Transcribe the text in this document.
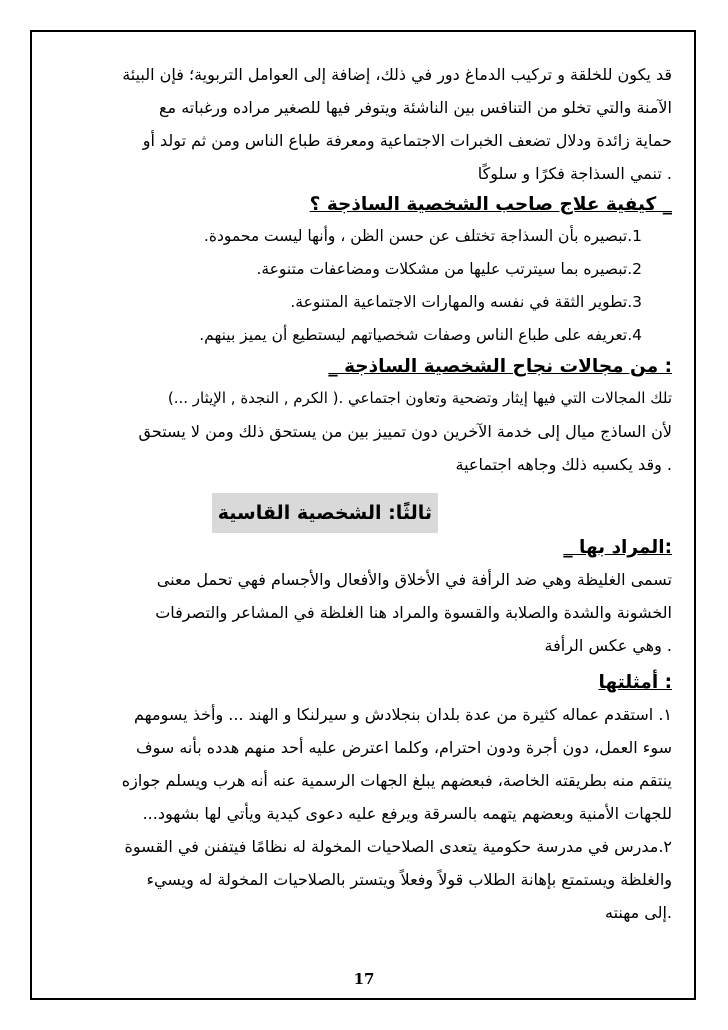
قد يكون للخلقة و تركيب الدماغ دور في ذلك، إضافة إلى العوامل التربوية؛ فإن البيئة

الآمنة والتي تخلو من التنافس بين الناشئة ويتوفر فيها للصغير مراده ورغباته مع

حماية زائدة ودلال تضعف الخبرات الاجتماعية ومعرفة طباع الناس ومن ثم تولد أو

. تنمي السذاجة فكرًا و سلوكًا

_ كيفية علاج صاحب الشخصية الساذجة ؟

1.تبصيره بأن السذاجة تختلف عن حسن الظن ، وأنها ليست محمودة.

2.تبصيره بما سيترتب عليها من مشكلات ومضاعفات متنوعة.

3.تطوير الثقة في نفسه والمهارات الاجتماعية المتنوعة.

4.تعريفه على طباع الناس وصفات شخصياتهم ليستطيع أن يميز بينهم.

: من مجالات نجاح الشخصية الساذجة _

تلك المجالات التي فيها إيثار وتضحية وتعاون اجتماعي .( الكرم , النجدة , الإيثار ...)

لأن الساذج ميال إلى خدمة الآخرين دون تمييز بين من يستحق ذلك ومن لا يستحق

. وقد يكسبه ذلك وجاهه اجتماعية

ثالثًا: الشخصية القاسية

:المراد بها _

تسمى الغليظة وهي ضد الرأفة في الأخلاق والأفعال والأجسام فهي تحمل معنى

الخشونة والشدة والصلابة والقسوة والمراد هنا الغلظة في المشاعر والتصرفات

. وهي عكس الرأفة

: أمثلتها

١. استقدم عماله كثيرة من عدة بلدان بنجلادش و سيرلنكا و الهند ... وأخذ يسومهم

سوء العمل، دون أجرة ودون احترام، وكلما اعترض عليه أحد منهم هدده بأنه سوف

ينتقم منه بطريقته الخاصة، فبعضهم يبلغ الجهات الرسمية عنه أنه هرب ويسلم جوازه

للجهات الأمنية وبعضهم يتهمه بالسرقة ويرفع عليه دعوى كيدية ويأتي لها بشهود...

٢.مدرس في مدرسة حكومية يتعدى الصلاحيات المخولة له نظامًا فيتفنن في القسوة

والغلظة ويستمتع بإهانة الطلاب قولاً وفعلاً ويتستر بالصلاحيات المخولة له ويسيء

.إلى مهنته

17
